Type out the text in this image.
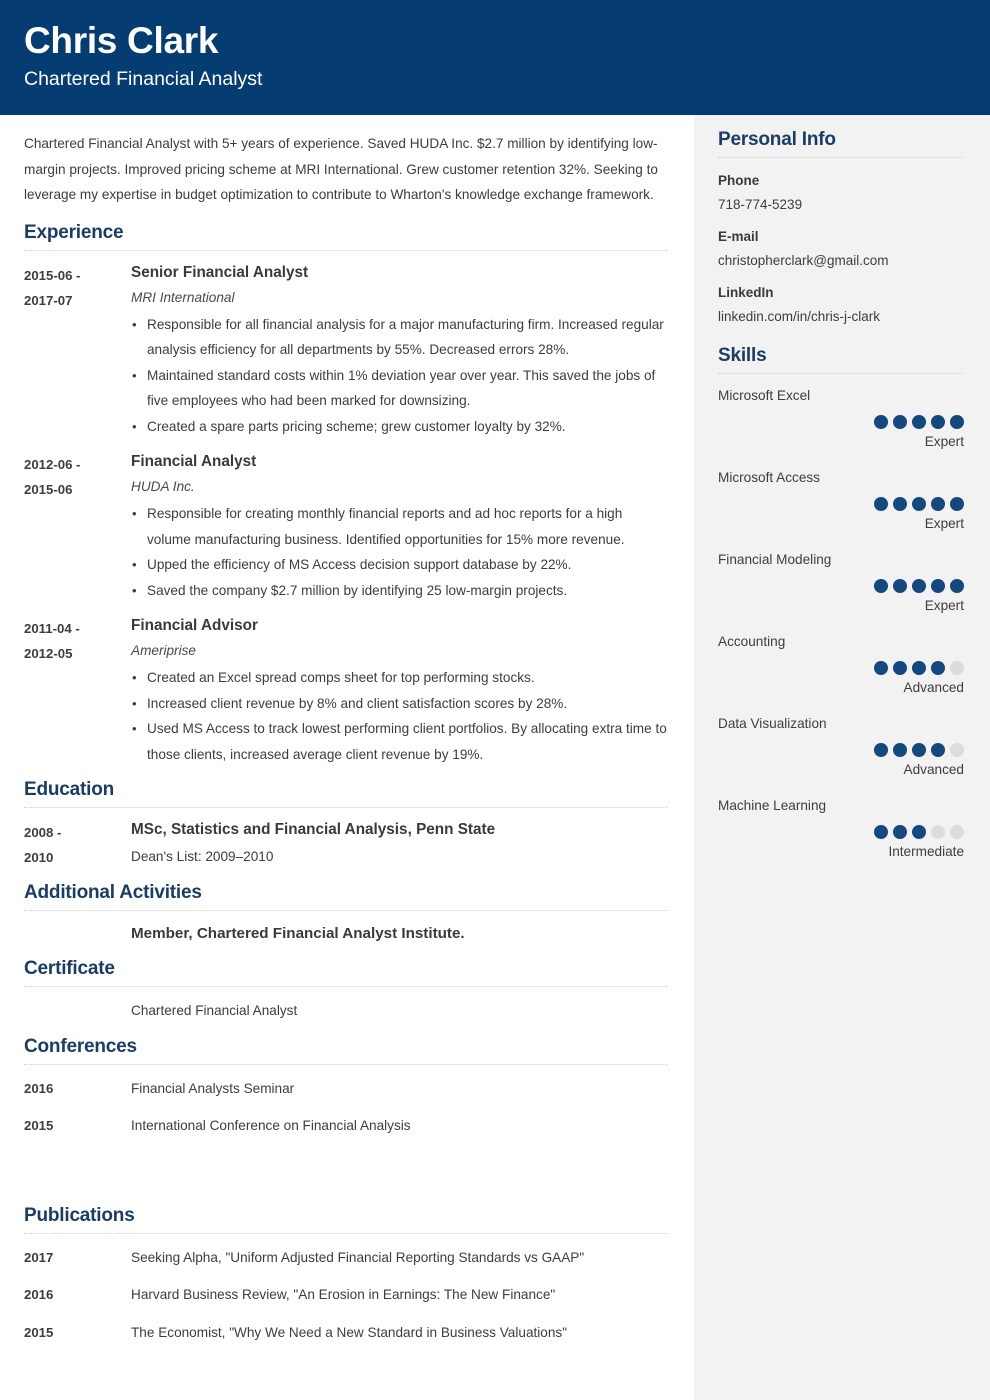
Chris Clark
Chartered Financial Analyst
Chartered Financial Analyst with 5+ years of experience. Saved HUDA Inc. $2.7 million by identifying low-margin projects. Improved pricing scheme at MRI International. Grew customer retention 32%. Seeking to leverage my expertise in budget optimization to contribute to Wharton's knowledge exchange framework.
Experience
2015-06 -
2017-07
Senior Financial Analyst
MRI International
• Responsible for all financial analysis for a major manufacturing firm. Increased regular analysis efficiency for all departments by 55%. Decreased errors 28%.
• Maintained standard costs within 1% deviation year over year. This saved the jobs of five employees who had been marked for downsizing.
• Created a spare parts pricing scheme; grew customer loyalty by 32%.
2012-06 -
2015-06
Financial Analyst
HUDA Inc.
• Responsible for creating monthly financial reports and ad hoc reports for a high volume manufacturing business. Identified opportunities for 15% more revenue.
• Upped the efficiency of MS Access decision support database by 22%.
• Saved the company $2.7 million by identifying 25 low-margin projects.
2011-04 -
2012-05
Financial Advisor
Ameriprise
• Created an Excel spread comps sheet for top performing stocks.
• Increased client revenue by 8% and client satisfaction scores by 28%.
• Used MS Access to track lowest performing client portfolios. By allocating extra time to those clients, increased average client revenue by 19%.
Education
2008 -
2010
MSc, Statistics and Financial Analysis, Penn State
Dean's List: 2009–2010
Additional Activities
Member, Chartered Financial Analyst Institute.
Certificate
Chartered Financial Analyst
Conferences
2016	Financial Analysts Seminar
2015	International Conference on Financial Analysis
Publications
2017	Seeking Alpha, "Uniform Adjusted Financial Reporting Standards vs GAAP"
2016	Harvard Business Review, "An Erosion in Earnings: The New Finance"
2015	The Economist, "Why We Need a New Standard in Business Valuations"
Personal Info
Phone
718-774-5239
E-mail
christopherclark@gmail.com
LinkedIn
linkedin.com/in/chris-j-clark
Skills
Microsoft Excel
Expert
Microsoft Access
Expert
Financial Modeling
Expert
Accounting
Advanced
Data Visualization
Advanced
Machine Learning
Intermediate
